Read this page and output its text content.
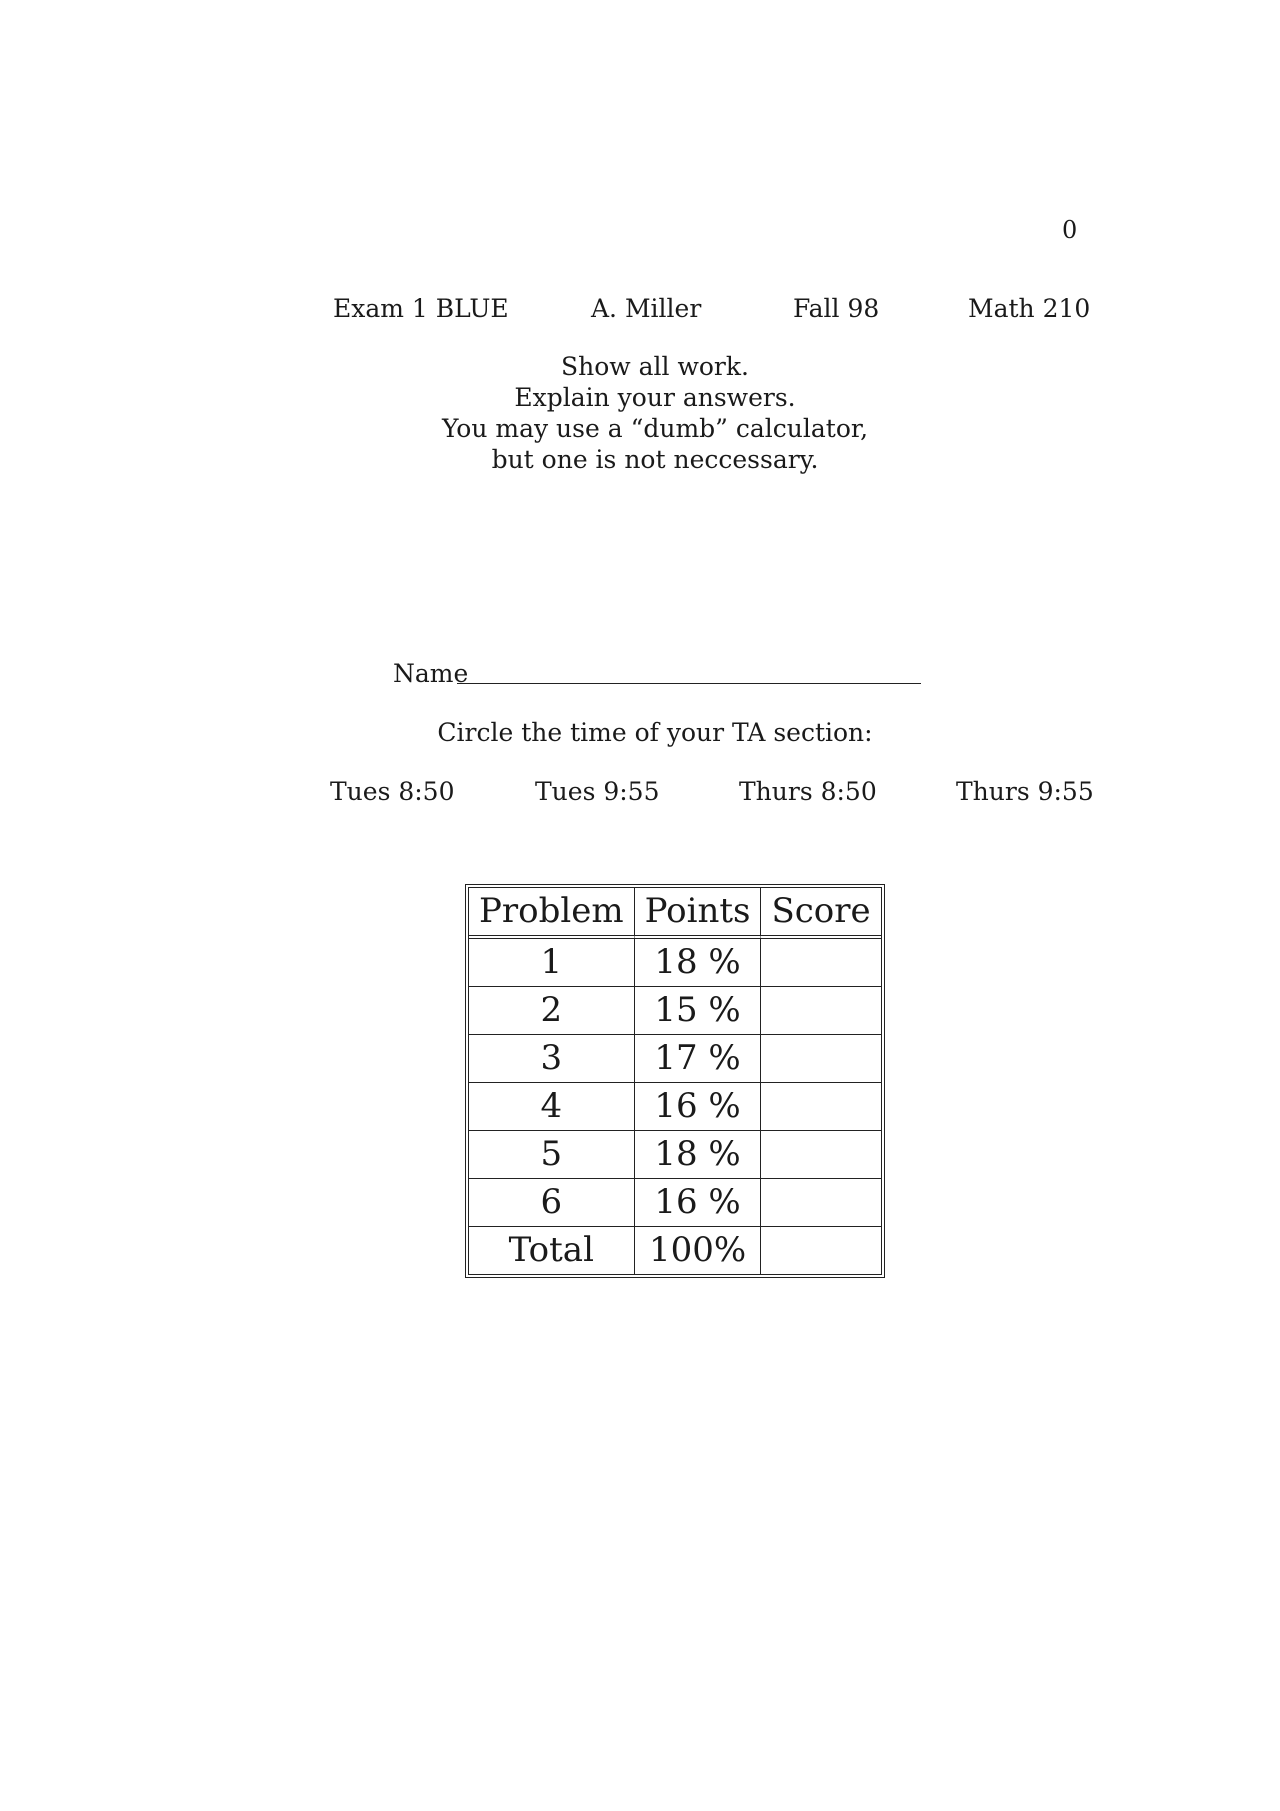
0
Exam 1 BLUE	A. Miller	Fall 98	Math 210
Show all work.
Explain your answers.
You may use a “dumb” calculator,
but one is not neccessary.
Name
Circle the time of your TA section:
Tues 8:50	Tues 9:55	Thurs 8:50	Thurs 9:55
Problem	Points	Score
1	18 %	
2	15 %	
3	17 %	
4	16 %	
5	18 %	
6	16 %	
Total	100%	
